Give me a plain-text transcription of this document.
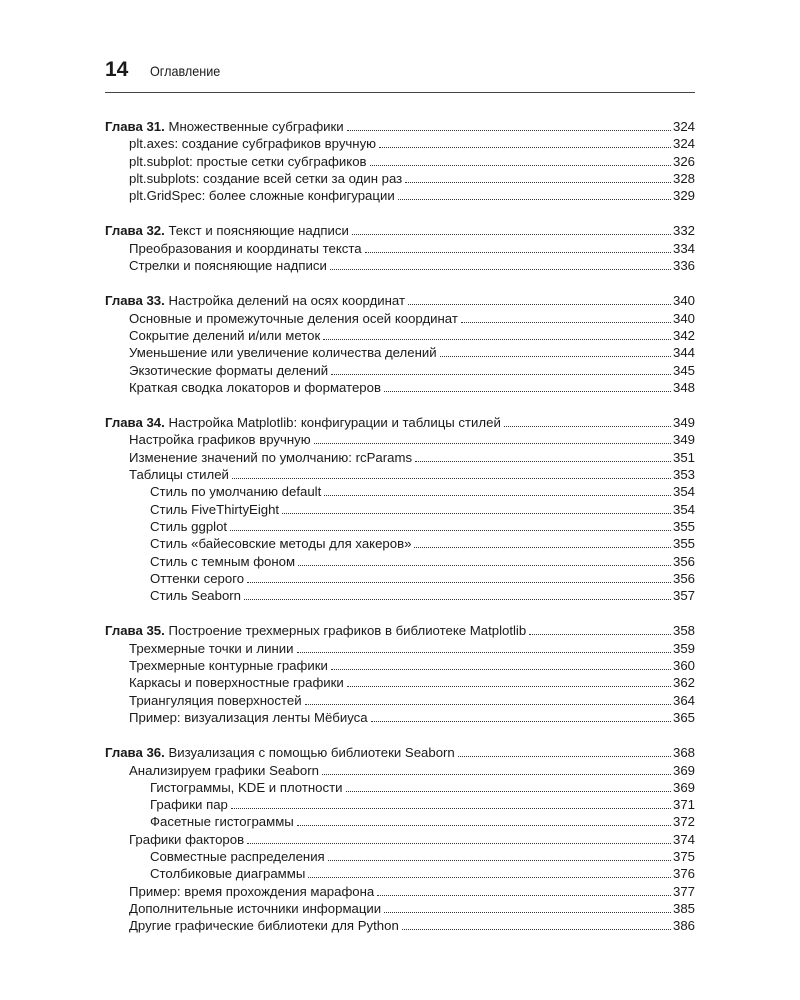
14 Оглавление
Глава 31. Множественные субграфики	324
plt.axes: создание субграфиков вручную	324
plt.subplot: простые сетки субграфиков	326
plt.subplots: создание всей сетки за один раз	328
plt.GridSpec: более сложные конфигурации	329
Глава 32. Текст и поясняющие надписи	332
Преобразования и координаты текста	334
Стрелки и поясняющие надписи	336
Глава 33. Настройка делений на осях координат	340
Основные и промежуточные деления осей координат	340
Сокрытие делений и/или меток	342
Уменьшение или увеличение количества делений	344
Экзотические форматы делений	345
Краткая сводка локаторов и форматеров	348
Глава 34. Настройка Matplotlib: конфигурации и таблицы стилей	349
Настройка графиков вручную	349
Изменение значений по умолчанию: rcParams	351
Таблицы стилей	353
Стиль по умолчанию default	354
Стиль FiveThirtyEight	354
Стиль ggplot	355
Стиль «байесовские методы для хакеров»	355
Стиль с темным фоном	356
Оттенки серого	356
Стиль Seaborn	357
Глава 35. Построение трехмерных графиков в библиотеке Matplotlib	358
Трехмерные точки и линии	359
Трехмерные контурные графики	360
Каркасы и поверхностные графики	362
Триангуляция поверхностей	364
Пример: визуализация ленты Мёбиуса	365
Глава 36. Визуализация с помощью библиотеки Seaborn	368
Анализируем графики Seaborn	369
Гистограммы, KDE и плотности	369
Графики пар	371
Фасетные гистограммы	372
Графики факторов	374
Совместные распределения	375
Столбиковые диаграммы	376
Пример: время прохождения марафона	377
Дополнительные источники информации	385
Другие графические библиотеки для Python	386
